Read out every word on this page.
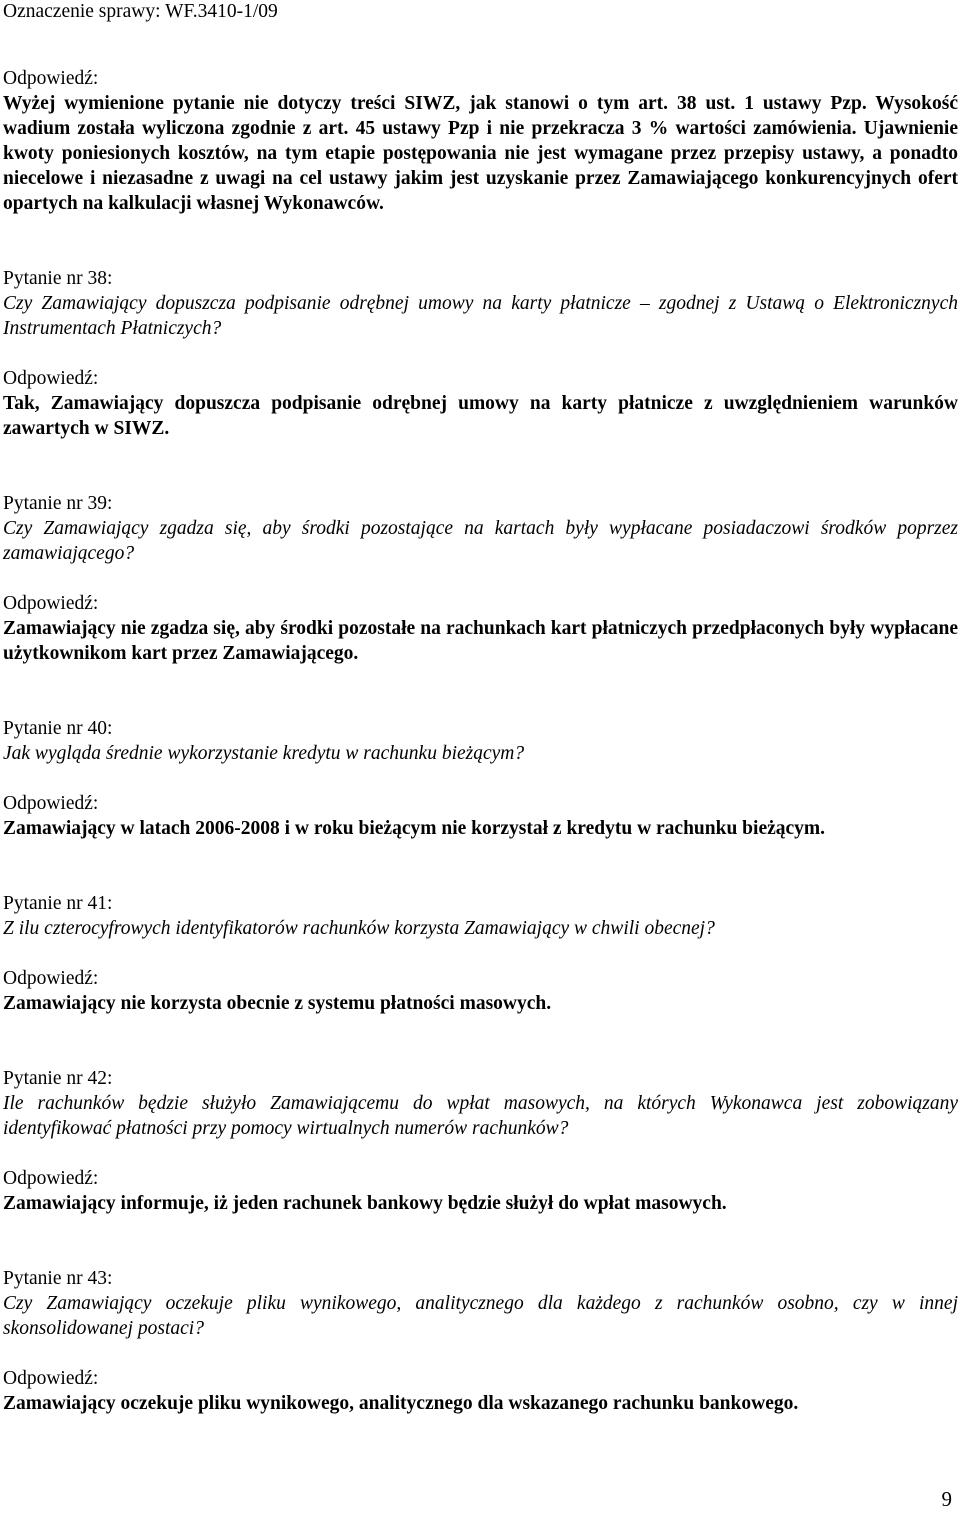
Oznaczenie sprawy: WF.3410-1/09

Odpowiedź:

Wyżej wymienione pytanie nie dotyczy treści SIWZ, jak stanowi o tym art. 38 ust. 1 ustawy Pzp. Wysokość wadium została wyliczona zgodnie z art. 45 ustawy Pzp i nie przekracza 3 % wartości zamówienia. Ujawnienie kwoty poniesionych kosztów, na tym etapie postępowania nie jest wymagane przez przepisy ustawy, a ponadto niecelowe i niezasadne z uwagi na cel ustawy jakim jest uzyskanie przez Zamawiającego konkurencyjnych ofert opartych na kalkulacji własnej Wykonawców.

Pytanie nr 38:

Czy Zamawiający dopuszcza podpisanie odrębnej umowy na karty płatnicze – zgodnej z Ustawą o Elektronicznych Instrumentach Płatniczych?

Odpowiedź:

Tak, Zamawiający dopuszcza podpisanie odrębnej umowy na karty płatnicze z uwzględnieniem warunków zawartych w SIWZ.

Pytanie nr 39:

Czy Zamawiający zgadza się, aby środki pozostające na kartach były wypłacane posiadaczowi środków poprzez zamawiającego?

Odpowiedź:

Zamawiający nie zgadza się, aby środki pozostałe na rachunkach kart płatniczych przedpłaconych były wypłacane użytkownikom kart przez Zamawiającego.

Pytanie nr 40:

Jak wygląda średnie wykorzystanie kredytu w rachunku bieżącym?

Odpowiedź:

Zamawiający w latach 2006-2008 i w roku bieżącym nie korzystał z kredytu w rachunku bieżącym.

Pytanie nr 41:

Z ilu czterocyfrowych identyfikatorów rachunków korzysta Zamawiający w chwili obecnej?

Odpowiedź:

Zamawiający nie korzysta obecnie z systemu płatności masowych.

Pytanie nr 42:

Ile rachunków będzie służyło Zamawiającemu do wpłat masowych, na których Wykonawca jest zobowiązany identyfikować płatności przy pomocy wirtualnych numerów rachunków?

Odpowiedź:

Zamawiający informuje, iż jeden rachunek bankowy będzie służył do wpłat masowych.

Pytanie nr 43:

Czy Zamawiający oczekuje pliku wynikowego, analitycznego dla każdego z rachunków osobno, czy w innej skonsolidowanej postaci?

Odpowiedź:

Zamawiający oczekuje pliku wynikowego, analitycznego dla wskazanego rachunku bankowego.

9
